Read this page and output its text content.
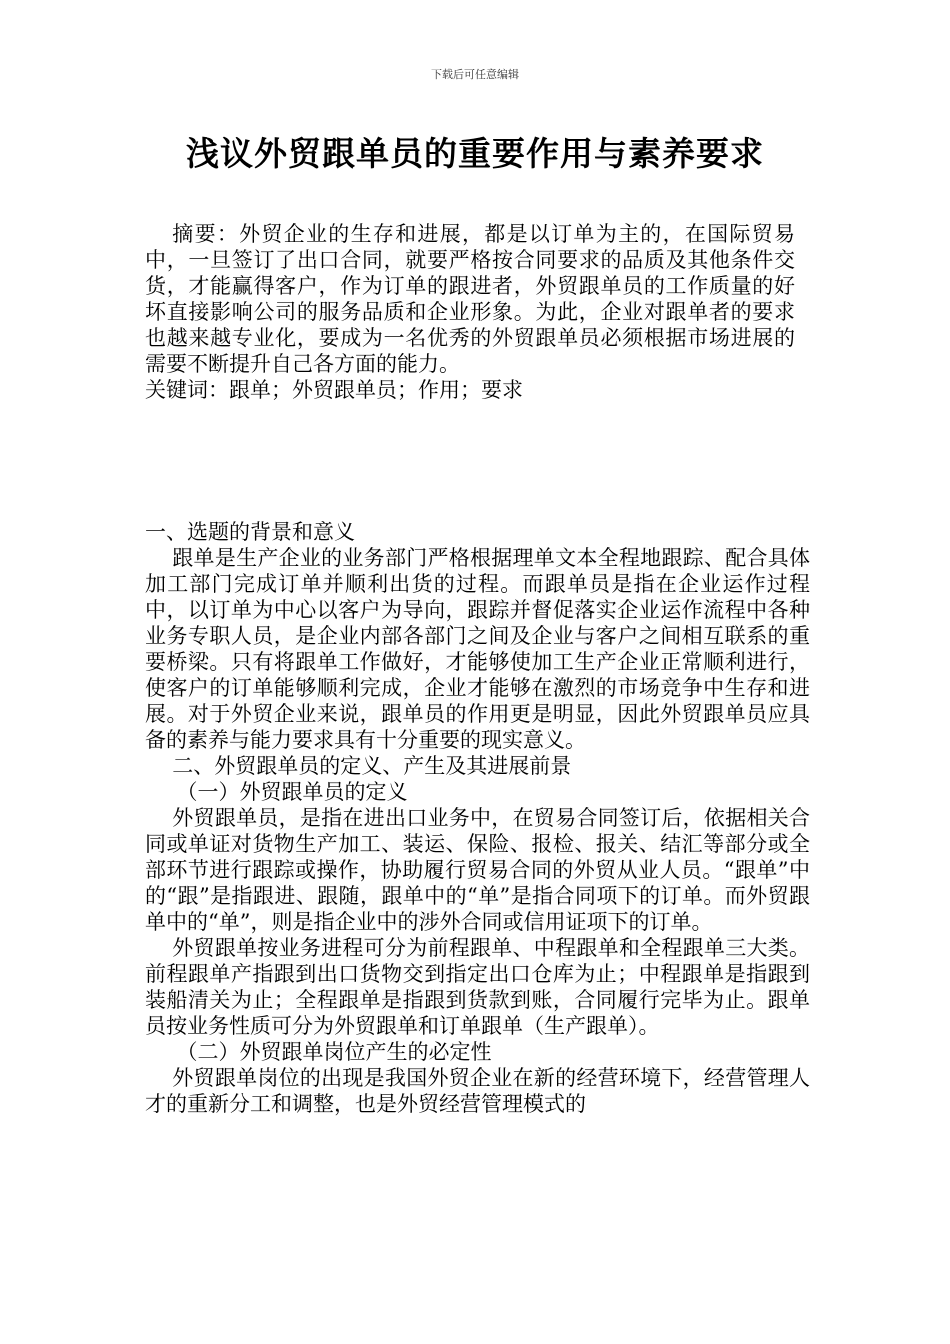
下载后可任意编辑
浅议外贸跟单员的重要作用与素养要求

摘要：外贸企业的生存和进展，都是以订单为主的，在国际贸易中，一旦签订了出口合同，就要严格按合同要求的品质及其他条件交货，才能赢得客户，作为订单的跟进者，外贸跟单员的工作质量的好坏直接影响公司的服务品质和企业形象。为此，企业对跟单者的要求也越来越专业化，要成为一名优秀的外贸跟单员必须根据市场进展的需要不断提升自己各方面的能力。

关键词：跟单；外贸跟单员；作用；要求

一、选题的背景和意义

跟单是生产企业的业务部门严格根据理单文本全程地跟踪、配合具体加工部门完成订单并顺利出货的过程。而跟单员是指在企业运作过程中，以订单为中心以客户为导向，跟踪并督促落实企业运作流程中各种业务专职人员，是企业内部各部门之间及企业与客户之间相互联系的重要桥梁。只有将跟单工作做好，才能够使加工生产企业正常顺利进行，使客户的订单能够顺利完成，企业才能够在激烈的市场竞争中生存和进展。对于外贸企业来说，跟单员的作用更是明显，因此外贸跟单员应具备的素养与能力要求具有十分重要的现实意义。

二、外贸跟单员的定义、产生及其进展前景

（一）外贸跟单员的定义

外贸跟单员，是指在进出口业务中，在贸易合同签订后，依据相关合同或单证对货物生产加工、装运、保险、报检、报关、结汇等部分或全部环节进行跟踪或操作，协助履行贸易合同的外贸从业人员。“跟单”中的“跟”是指跟进、跟随，跟单中的“单”是指合同项下的订单。而外贸跟单中的“单”，则是指企业中的涉外合同或信用证项下的订单。

外贸跟单按业务进程可分为前程跟单、中程跟单和全程跟单三大类。前程跟单产指跟到出口货物交到指定出口仓库为止；中程跟单是指跟到装船清关为止；全程跟单是指跟到货款到账，合同履行完毕为止。跟单员按业务性质可分为外贸跟单和订单跟单（生产跟单）。

（二）外贸跟单岗位产生的必定性

外贸跟单岗位的出现是我国外贸企业在新的经营环境下，经营管理人才的重新分工和调整，也是外贸经营管理模式的
